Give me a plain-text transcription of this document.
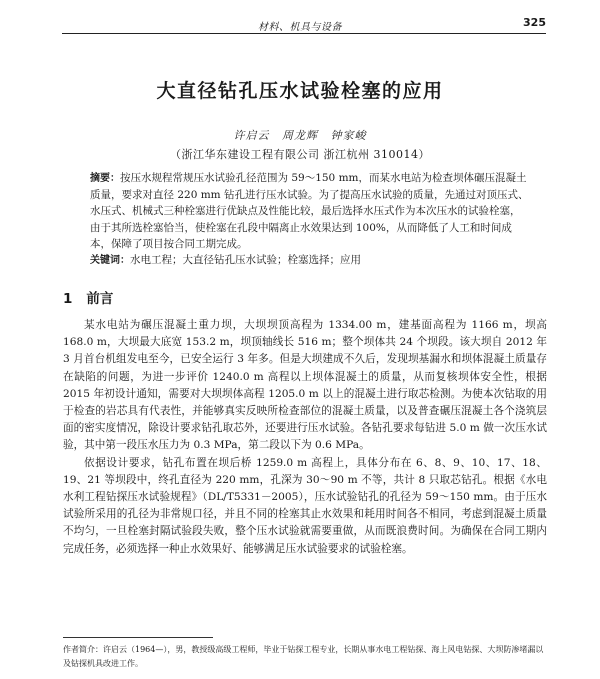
材料、机具与设备	325
大直径钻孔压水试验栓塞的应用
许启云 周龙辉 钟家峻
（浙江华东建设工程有限公司 浙江杭州 310014）

摘要：按压水规程常规压水试验孔径范围为 59～150 mm，而某水电站为检查坝体碾压混凝土质量，要求对直径 220 mm 钻孔进行压水试验。为了提高压水试验的质量，先通过对顶压式、水压式、机械式三种栓塞进行优缺点及性能比较，最后选择水压式作为本次压水的试验栓塞，由于其所选栓塞恰当，使栓塞在孔段中隔离止水效果达到 100%，从而降低了人工和时间成本，保障了项目按合同工期完成。

关键词：水电工程；大直径钻孔压水试验；栓塞选择；应用

1 前言

某水电站为碾压混凝土重力坝，大坝坝顶高程为 1334.00 m，建基面高程为 1166 m，坝高 168.0 m，大坝最大底宽 153.2 m，坝顶轴线长 516 m；整个坝体共 24 个坝段。该大坝自 2012 年 3 月首台机组发电至今，已安全运行 3 年多。但是大坝建成不久后，发现坝基漏水和坝体混凝土质量存在缺陷的问题，为进一步评价 1240.0 m 高程以上坝体混凝土的质量，从而复核坝体安全性，根据 2015 年初设计通知，需要对大坝坝体高程 1205.0 m 以上的混凝土进行取芯检测。为使本次钻取的用于检查的岩芯具有代表性，并能够真实反映所检查部位的混凝土质量，以及普查碾压混凝土各个浇筑层面的密实度情况，除设计要求钻孔取芯外，还要进行压水试验。各钻孔要求每钻进 5.0 m 做一次压水试验，其中第一段压水压力为 0.3 MPa，第二段以下为 0.6 MPa。

依据设计要求，钻孔布置在坝后桥 1259.0 m 高程上，具体分布在 6、8、9、10、17、18、19、21 等坝段中，终孔直径为 220 mm，孔深为 30～90 m 不等，共计 8 只取芯钻孔。根据《水电水利工程钻探压水试验规程》（DL/T5331－2005），压水试验钻孔的孔径为 59～150 mm。由于压水试验所采用的孔径为非常规口径，并且不同的栓塞其止水效果和耗用时间各不相同，考虑到混凝土质量不均匀，一旦栓塞封隔试验段失败，整个压水试验就需要重做，从而既浪费时间。为确保在合同工期内完成任务，必须选择一种止水效果好、能够满足压水试验要求的试验栓塞。

作者简介：许启云（1964—），男，教授级高级工程师，毕业于钻探工程专业，长期从事水电工程钻探、海上风电钻探、大坝防渗堵漏以及钻探机具改进工作。
